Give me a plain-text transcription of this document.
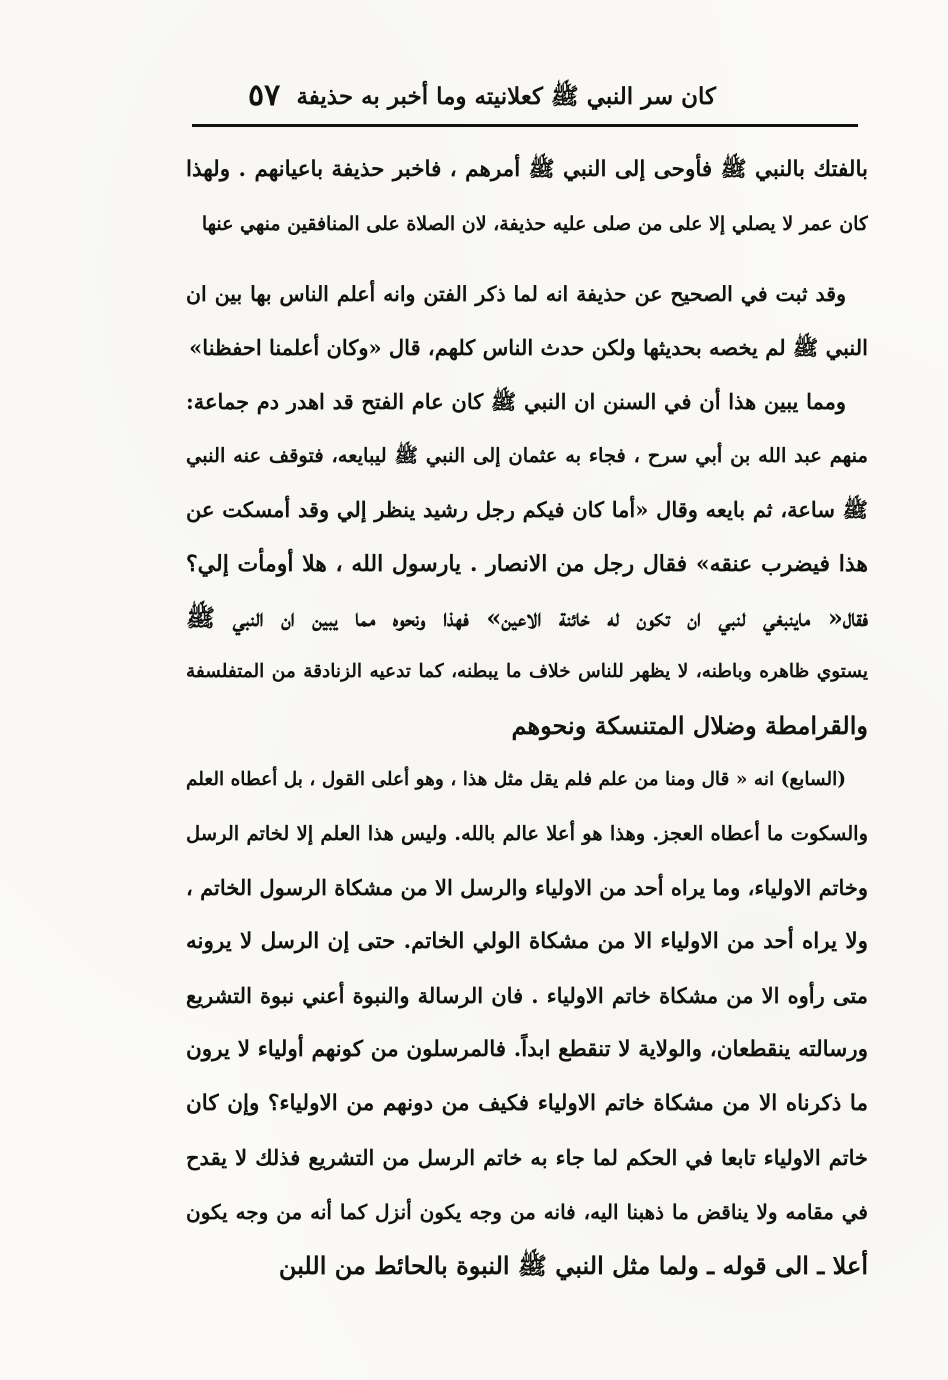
كان سر النبي ﷺ كعلانيته وما أخبر به حذيفة
٥٧
بالفتك بالنبي ﷺ فأوحى إلى النبي ﷺ أمرهم ، فاخبر حذيفة باعيانهم . ولهذا
كان عمر لا يصلي إلا على من صلى عليه حذيفة، لان الصلاة على المنافقين منهي عنها
وقد ثبت في الصحيح عن حذيفة انه لما ذكر الفتن وانه أعلم الناس بها بين ان
النبي ﷺ لم يخصه بحديثها ولكن حدث الناس كلهم، قال «وكان أعلمنا احفظنا»
ومما يبين هذا أن في السنن ان النبي ﷺ كان عام الفتح قد اهدر دم جماعة:
منهم عبد الله بن أبي سرح ، فجاء به عثمان إلى النبي ﷺ ليبايعه، فتوقف عنه النبي
ﷺ ساعة، ثم بايعه وقال «أما كان فيكم رجل رشيد ينظر إلي وقد أمسكت عن
هذا فيضرب عنقه» فقال رجل من الانصار . يارسول الله ، هلا أومأت إلي؟
فقال« ماينبغي لنبي ان تكون له خائنة الاعين» فهذا ونحوه مما يبين ان النبي ﷺ
يستوي ظاهره وباطنه، لا يظهر للناس خلاف ما يبطنه، كما تدعيه الزنادقة من المتفلسفة
والقرامطة وضلال المتنسكة ونحوهم
(السابع) انه « قال ومنا من علم فلم يقل مثل هذا ، وهو أعلى القول ، بل أعطاه العلم
والسكوت ما أعطاه العجز. وهذا هو أعلا عالم بالله. وليس هذا العلم إلا لخاتم الرسل
وخاتم الاولياء، وما يراه أحد من الاولياء والرسل الا من مشكاة الرسول الخاتم ،
ولا يراه أحد من الاولياء الا من مشكاة الولي الخاتم. حتى إن الرسل لا يرونه
متى رأوه الا من مشكاة خاتم الاولياء . فان الرسالة والنبوة أعني نبوة التشريع
ورسالته ينقطعان، والولاية لا تنقطع ابداً. فالمرسلون من كونهم أولياء لا يرون
ما ذكرناه الا من مشكاة خاتم الاولياء فكيف من دونهم من الاولياء؟ وإن كان
خاتم الاولياء تابعا في الحكم لما جاء به خاتم الرسل من التشريع فذلك لا يقدح
في مقامه ولا يناقض ما ذهبنا اليه، فانه من وجه يكون أنزل كما أنه من وجه يكون
أعلا ـ الى قوله ـ ولما مثل النبي ﷺ النبوة بالحائط من اللبن
